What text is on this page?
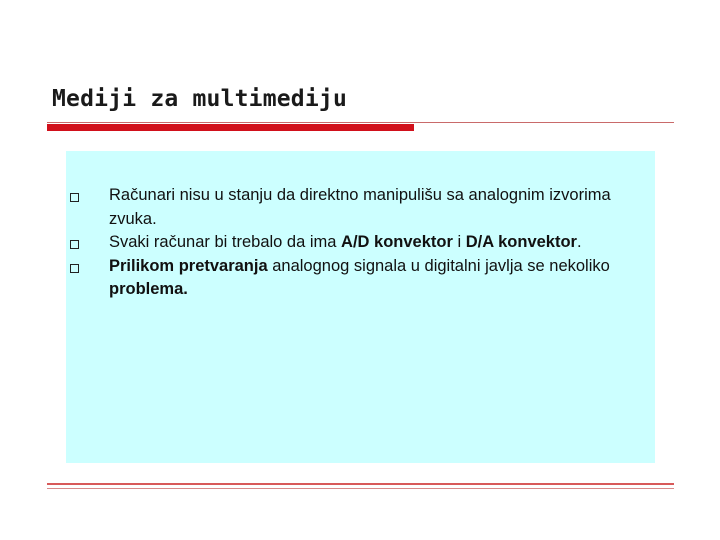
Mediji za multimediju
Računari nisu u stanju da direktno manipulišu sa analognim izvorima zvuka.
Svaki računar bi trebalo da ima A/D konvektor i D/A konvektor.
Prilikom pretvaranja analognog signala u digitalni javlja se nekoliko problema.
